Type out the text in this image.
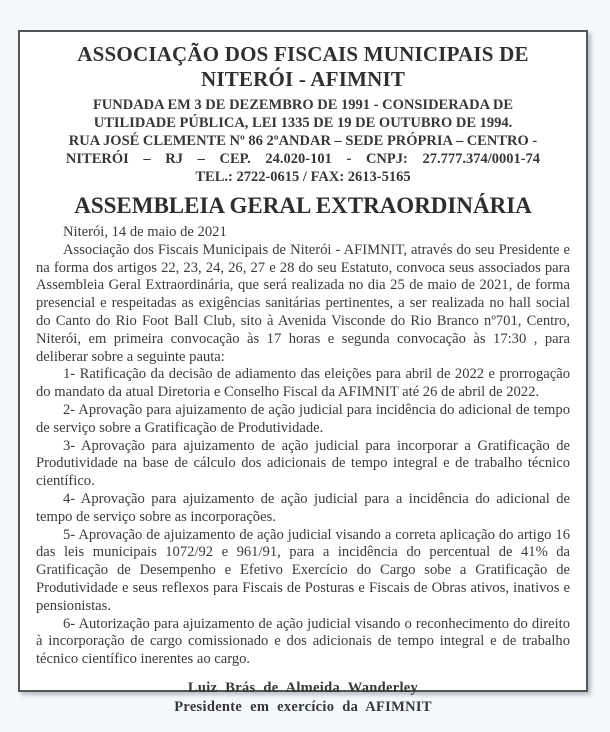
ASSOCIAÇÃO DOS FISCAIS MUNICIPAIS DE NITERÓI - AFIMNIT
FUNDADA EM 3 DE DEZEMBRO DE 1991 - CONSIDERADA DE
UTILIDADE PÚBLICA, LEI 1335 DE 19 DE OUTUBRO DE 1994.
RUA JOSÉ CLEMENTE Nº 86 2ºANDAR – SEDE PRÓPRIA – CENTRO -
NITERÓI – RJ – CEP. 24.020-101 - CNPJ: 27.777.374/0001-74
TEL.: 2722-0615 / FAX: 2613-5165
ASSEMBLEIA GERAL EXTRAORDINÁRIA
Niterói, 14 de maio de 2021

Associação dos Fiscais Municipais de Niterói - AFIMNIT, através do seu Presidente e na forma dos artigos 22, 23, 24, 26, 27 e 28 do seu Estatuto, convoca seus associados para Assembleia Geral Extraordinária, que será realizada no dia 25 de maio de 2021, de forma presencial e respeitadas as exigências sanitárias pertinentes, a ser realizada no hall social do Canto do Rio Foot Ball Club, sito à Avenida Visconde do Rio Branco nº701, Centro, Niterói, em primeira convocação às 17 horas e segunda convocação às 17:30 , para deliberar sobre a seguinte pauta:

1- Ratificação da decisão de adiamento das eleições para abril de 2022 e prorrogação do mandato da atual Diretoria e Conselho Fiscal da AFIMNIT até 26 de abril de 2022.

2- Aprovação para ajuizamento de ação judicial para incidência do adicional de tempo de serviço sobre a Gratificação de Produtividade.

3- Aprovação para ajuizamento de ação judicial para incorporar a Gratificação de Produtividade na base de cálculo dos adicionais de tempo integral e de trabalho técnico científico.

4- Aprovação para ajuizamento de ação judicial para a incidência do adicional de tempo de serviço sobre as incorporações.

5- Aprovação de ajuizamento de ação judicial visando a correta aplicação do artigo 16 das leis municipais 1072/92 e 961/91, para a incidência do percentual de 41% da Gratificação de Desempenho e Efetivo Exercício do Cargo sobe a Gratificação de Produtividade e seus reflexos para Fiscais de Posturas e Fiscais de Obras ativos, inativos e pensionistas.

6- Autorização para ajuizamento de ação judicial visando o reconhecimento do direito à incorporação de cargo comissionado e dos adicionais de tempo integral e de trabalho técnico científico inerentes ao cargo.

Luiz Brás de Almeida Wanderley
Presidente em exercício da AFIMNIT
